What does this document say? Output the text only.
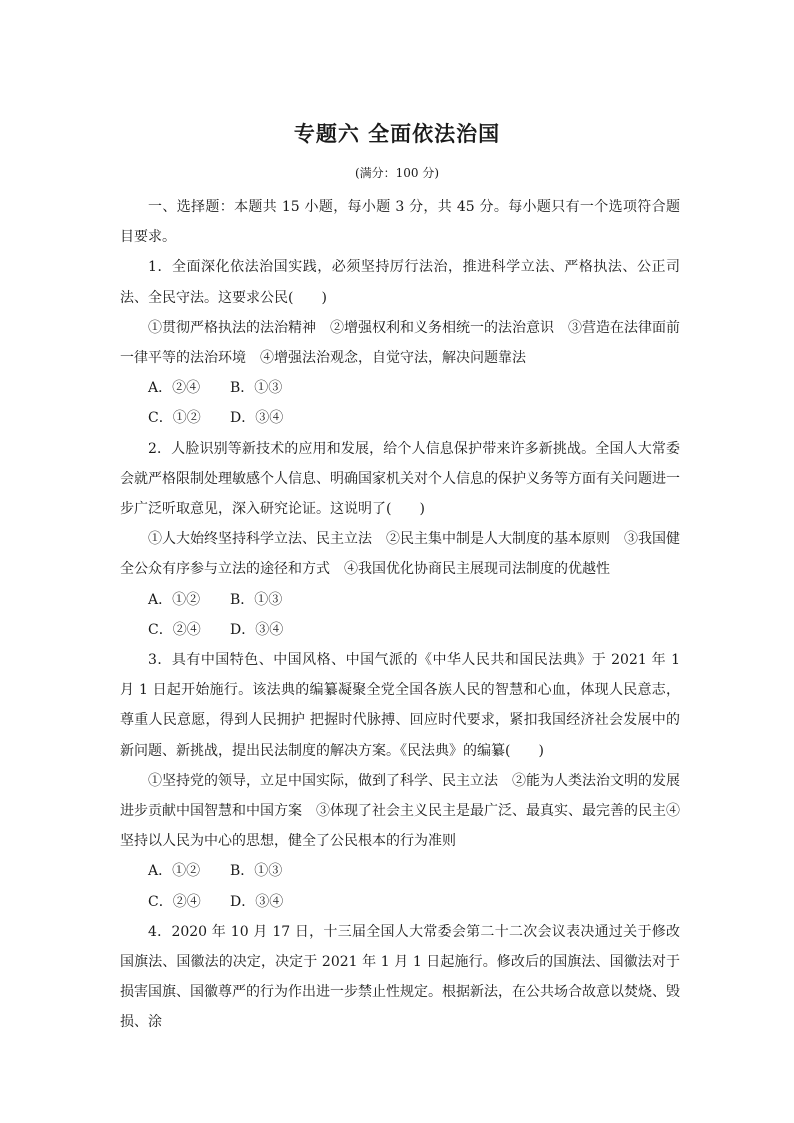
专题六 全面依法治国
(满分：100 分)

一、选择题：本题共 15 小题，每小题 3 分，共 45 分。每小题只有一个选项符合题目要求。

1．全面深化依法治国实践，必须坚持厉行法治，推进科学立法、严格执法、公正司法、全民守法。这要求公民(　　)

①贯彻严格执法的法治精神　②增强权利和义务相统一的法治意识　③营造在法律面前一律平等的法治环境　④增强法治观念，自觉守法，解决问题靠法

A．②④ B．①③
C．①② D．③④

2．人脸识别等新技术的应用和发展，给个人信息保护带来许多新挑战。全国人大常委会就严格限制处理敏感个人信息、明确国家机关对个人信息的保护义务等方面有关问题进一步广泛听取意见，深入研究论证。这说明了(　　)

①人大始终坚持科学立法、民主立法　②民主集中制是人大制度的基本原则　③我国健全公众有序参与立法的途径和方式　④我国优化协商民主展现司法制度的优越性

A．①② B．①③
C．②④ D．③④

3．具有中国特色、中国风格、中国气派的《中华人民共和国民法典》于 2021 年 1 月 1 日起开始施行。该法典的编纂凝聚全党全国各族人民的智慧和心血，体现人民意志，尊重人民意愿，得到人民拥护 把握时代脉搏、回应时代要求，紧扣我国经济社会发展中的新问题、新挑战，提出民法制度的解决方案。《民法典》的编纂(　　)

①坚持党的领导，立足中国实际，做到了科学、民主立法　②能为人类法治文明的发展进步贡献中国智慧和中国方案　③体现了社会主义民主是最广泛、最真实、最完善的民主④坚持以人民为中心的思想，健全了公民根本的行为准则

A．①② B．①③
C．②④ D．③④

4．2020 年 10 月 17 日，十三届全国人大常委会第二十二次会议表决通过关于修改国旗法、国徽法的决定，决定于 2021 年 1 月 1 日起施行。修改后的国旗法、国徽法对于损害国旗、国徽尊严的行为作出进一步禁止性规定。根据新法，在公共场合故意以焚烧、毁损、涂
